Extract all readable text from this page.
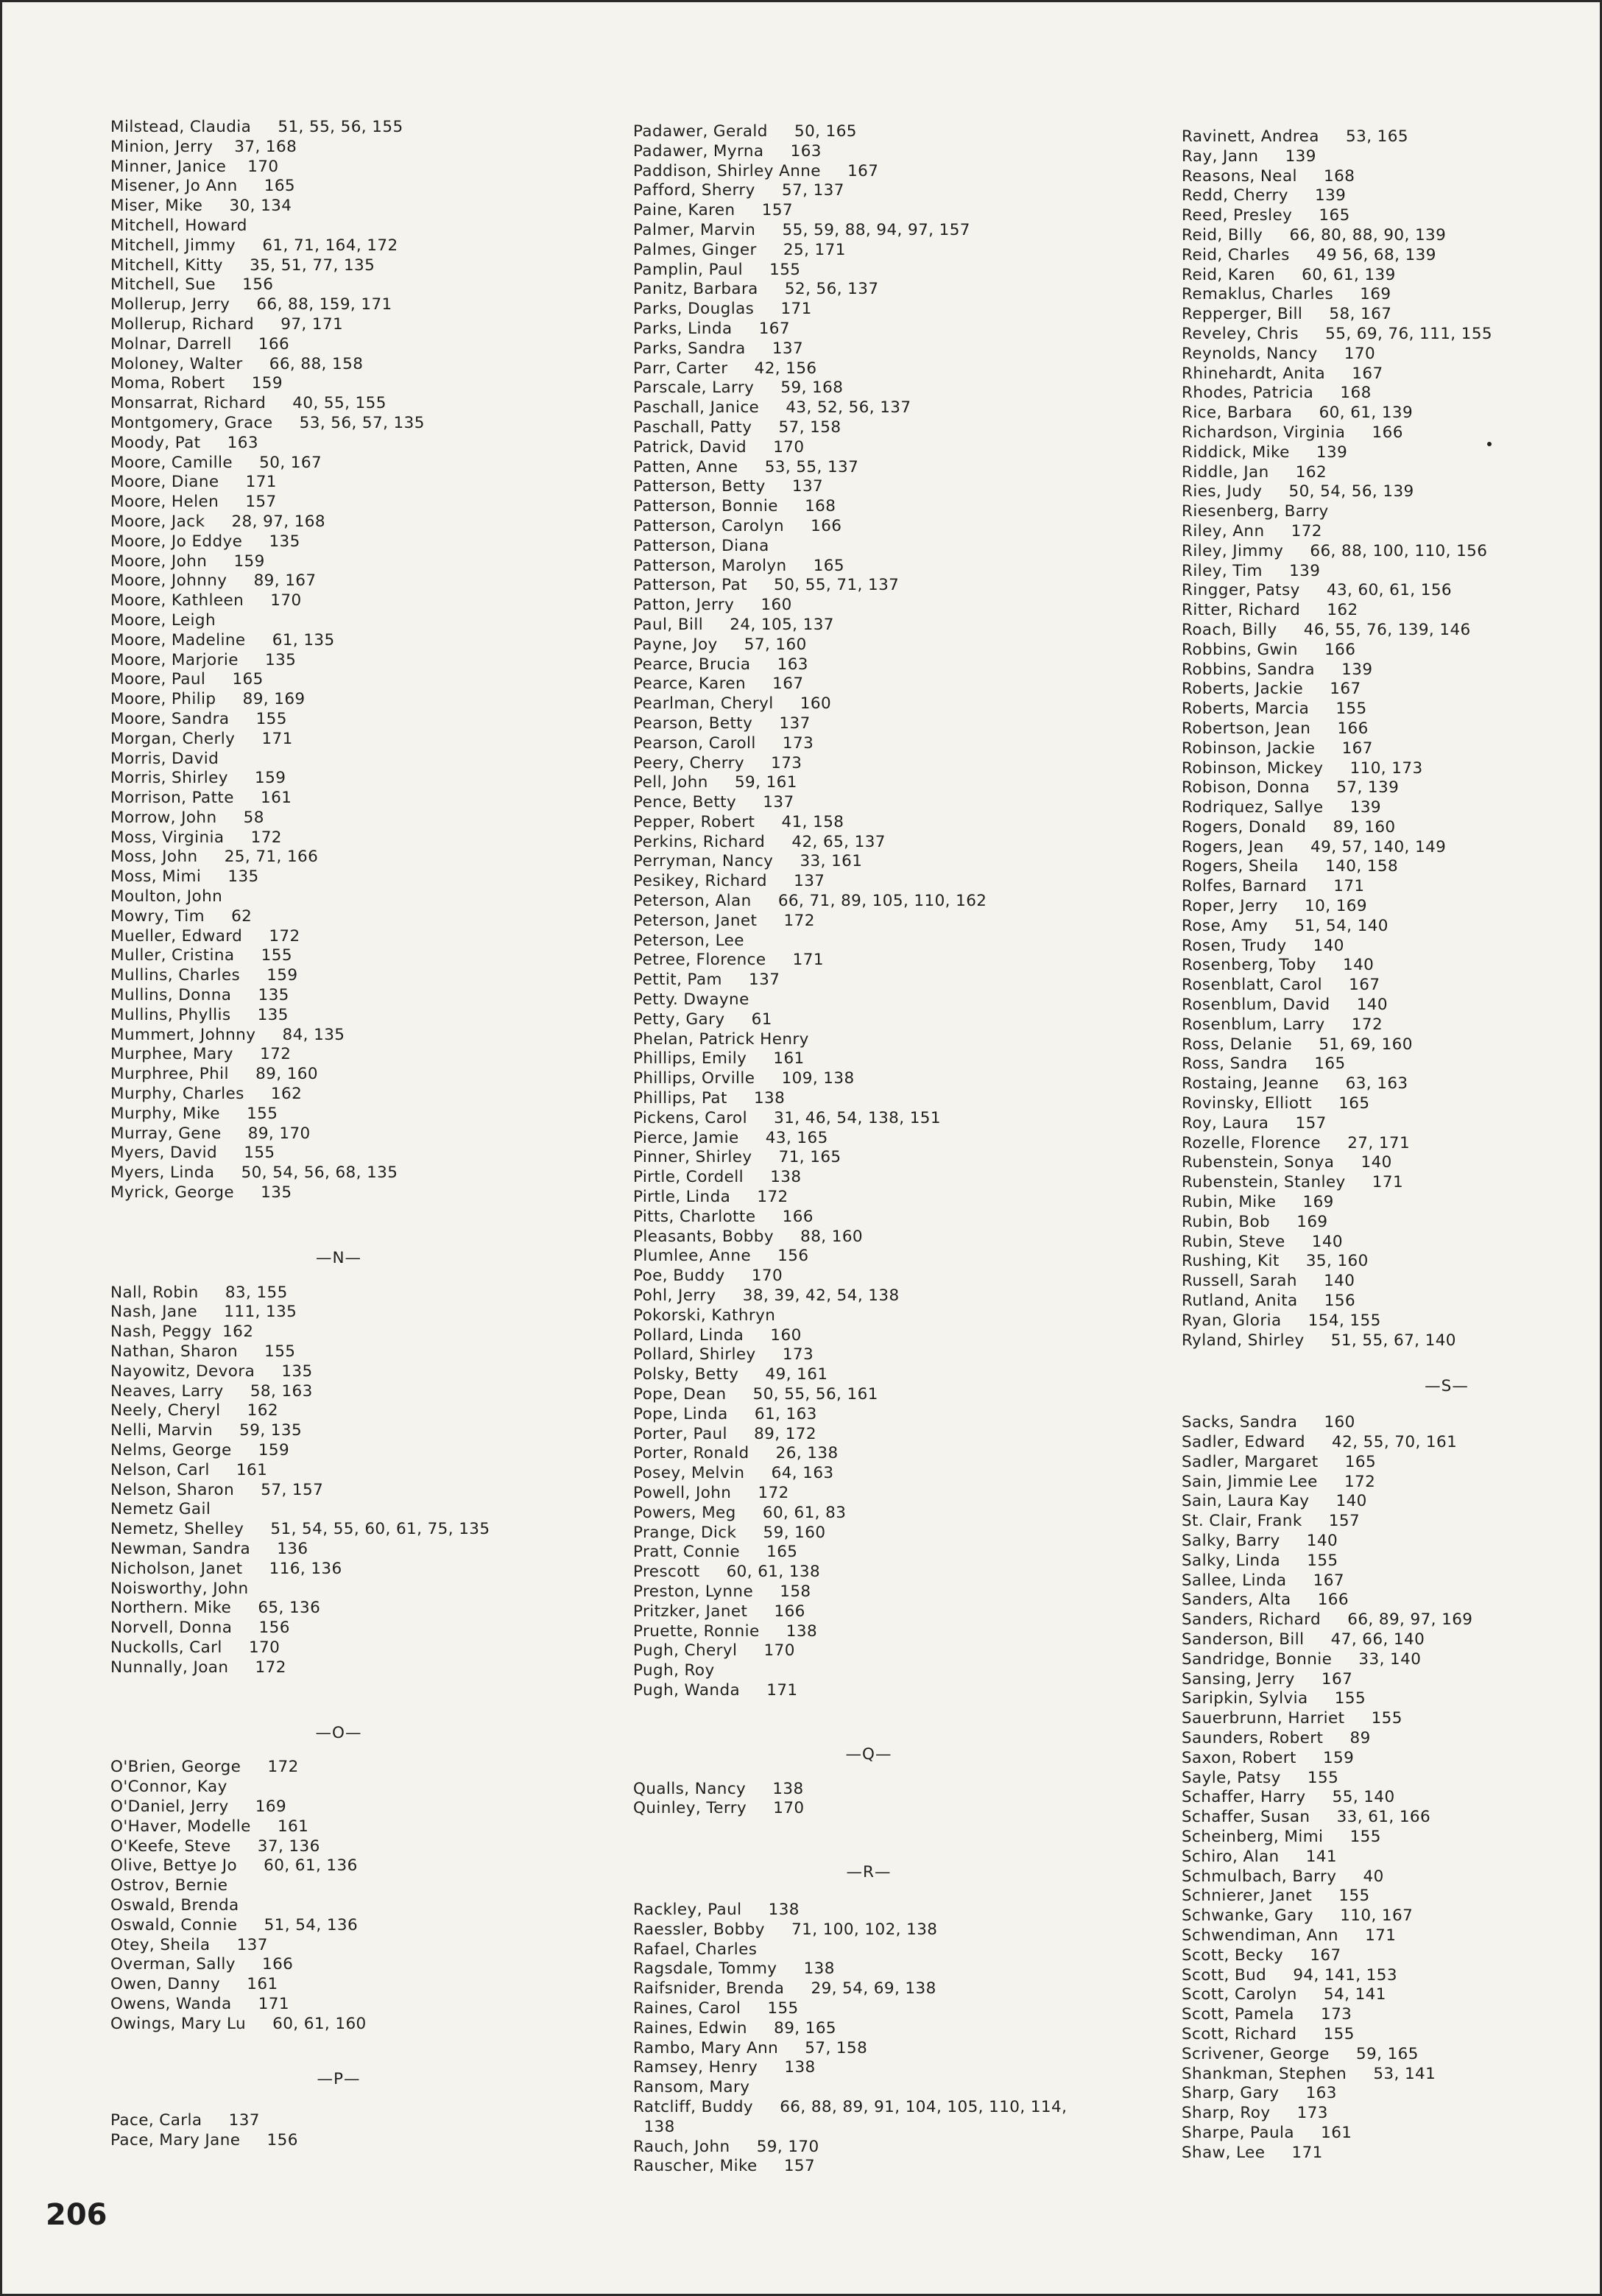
Milstead, Claudia     51, 55, 56, 155
Minion, Jerry    37, 168
Minner, Janice    170
Misener, Jo Ann     165
Miser, Mike     30, 134
Mitchell, Howard
Mitchell, Jimmy     61, 71, 164, 172
Mitchell, Kitty     35, 51, 77, 135
Mitchell, Sue     156
Mollerup, Jerry     66, 88, 159, 171
Mollerup, Richard     97, 171
Molnar, Darrell     166
Moloney, Walter     66, 88, 158
Moma, Robert     159
Monsarrat, Richard     40, 55, 155
Montgomery, Grace     53, 56, 57, 135
Moody, Pat     163
Moore, Camille     50, 167
Moore, Diane     171
Moore, Helen     157
Moore, Jack     28, 97, 168
Moore, Jo Eddye     135
Moore, John     159
Moore, Johnny     89, 167
Moore, Kathleen     170
Moore, Leigh
Moore, Madeline     61, 135
Moore, Marjorie     135
Moore, Paul     165
Moore, Philip     89, 169
Moore, Sandra     155
Morgan, Cherly     171
Morris, David
Morris, Shirley     159
Morrison, Patte     161
Morrow, John     58
Moss, Virginia     172
Moss, John     25, 71, 166
Moss, Mimi     135
Moulton, John
Mowry, Tim     62
Mueller, Edward     172
Muller, Cristina     155
Mullins, Charles     159
Mullins, Donna     135
Mullins, Phyllis     135
Mummert, Johnny     84, 135
Murphee, Mary     172
Murphree, Phil     89, 160
Murphy, Charles     162
Murphy, Mike     155
Murray, Gene     89, 170
Myers, David     155
Myers, Linda     50, 54, 56, 68, 135
Myrick, George     135
—N—
Nall, Robin     83, 155
Nash, Jane     111, 135
Nash, Peggy  162
Nathan, Sharon     155
Nayowitz, Devora     135
Neaves, Larry     58, 163
Neely, Cheryl     162
Nelli, Marvin     59, 135
Nelms, George     159
Nelson, Carl     161
Nelson, Sharon     57, 157
Nemetz Gail
Nemetz, Shelley     51, 54, 55, 60, 61, 75, 135
Newman, Sandra     136
Nicholson, Janet     116, 136
Noisworthy, John
Northern. Mike     65, 136
Norvell, Donna     156
Nuckolls, Carl     170
Nunnally, Joan     172
—O—
O'Brien, George     172
O'Connor, Kay
O'Daniel, Jerry     169
O'Haver, Modelle     161
O'Keefe, Steve     37, 136
Olive, Bettye Jo     60, 61, 136
Ostrov, Bernie
Oswald, Brenda
Oswald, Connie     51, 54, 136
Otey, Sheila     137
Overman, Sally     166
Owen, Danny     161
Owens, Wanda     171
Owings, Mary Lu     60, 61, 160
—P—
Pace, Carla     137
Pace, Mary Jane     156
Padawer, Gerald     50, 165
Padawer, Myrna     163
Paddison, Shirley Anne     167
Pafford, Sherry     57, 137
Paine, Karen     157
Palmer, Marvin     55, 59, 88, 94, 97, 157
Palmes, Ginger     25, 171
Pamplin, Paul     155
Panitz, Barbara     52, 56, 137
Parks, Douglas     171
Parks, Linda     167
Parks, Sandra     137
Parr, Carter     42, 156
Parscale, Larry     59, 168
Paschall, Janice     43, 52, 56, 137
Paschall, Patty     57, 158
Patrick, David     170
Patten, Anne     53, 55, 137
Patterson, Betty     137
Patterson, Bonnie     168
Patterson, Carolyn     166
Patterson, Diana
Patterson, Marolyn     165
Patterson, Pat     50, 55, 71, 137
Patton, Jerry     160
Paul, Bill     24, 105, 137
Payne, Joy     57, 160
Pearce, Brucia     163
Pearce, Karen     167
Pearlman, Cheryl     160
Pearson, Betty     137
Pearson, Caroll     173
Peery, Cherry     173
Pell, John     59, 161
Pence, Betty     137
Pepper, Robert     41, 158
Perkins, Richard     42, 65, 137
Perryman, Nancy     33, 161
Pesikey, Richard     137
Peterson, Alan     66, 71, 89, 105, 110, 162
Peterson, Janet     172
Peterson, Lee
Petree, Florence     171
Pettit, Pam     137
Petty. Dwayne
Petty, Gary     61
Phelan, Patrick Henry
Phillips, Emily     161
Phillips, Orville     109, 138
Phillips, Pat     138
Pickens, Carol     31, 46, 54, 138, 151
Pierce, Jamie     43, 165
Pinner, Shirley     71, 165
Pirtle, Cordell     138
Pirtle, Linda     172
Pitts, Charlotte     166
Pleasants, Bobby     88, 160
Plumlee, Anne     156
Poe, Buddy     170
Pohl, Jerry     38, 39, 42, 54, 138
Pokorski, Kathryn
Pollard, Linda     160
Pollard, Shirley     173
Polsky, Betty     49, 161
Pope, Dean     50, 55, 56, 161
Pope, Linda     61, 163
Porter, Paul     89, 172
Porter, Ronald     26, 138
Posey, Melvin     64, 163
Powell, John     172
Powers, Meg     60, 61, 83
Prange, Dick     59, 160
Pratt, Connie     165
Prescott     60, 61, 138
Preston, Lynne     158
Pritzker, Janet     166
Pruette, Ronnie     138
Pugh, Cheryl     170
Pugh, Roy
Pugh, Wanda     171
—Q—
Qualls, Nancy     138
Quinley, Terry     170
—R—
Rackley, Paul     138
Raessler, Bobby     71, 100, 102, 138
Rafael, Charles
Ragsdale, Tommy     138
Raifsnider, Brenda     29, 54, 69, 138
Raines, Carol     155
Raines, Edwin     89, 165
Rambo, Mary Ann     57, 158
Ramsey, Henry     138
Ransom, Mary
Ratcliff, Buddy     66, 88, 89, 91, 104, 105, 110, 114,
138
Rauch, John     59, 170
Rauscher, Mike     157
Ravinett, Andrea     53, 165
Ray, Jann     139
Reasons, Neal     168
Redd, Cherry     139
Reed, Presley     165
Reid, Billy     66, 80, 88, 90, 139
Reid, Charles     49 56, 68, 139
Reid, Karen     60, 61, 139
Remaklus, Charles     169
Repperger, Bill     58, 167
Reveley, Chris     55, 69, 76, 111, 155
Reynolds, Nancy     170
Rhinehardt, Anita     167
Rhodes, Patricia     168
Rice, Barbara     60, 61, 139
Richardson, Virginia     166
Riddick, Mike     139
Riddle, Jan     162
Ries, Judy     50, 54, 56, 139
Riesenberg, Barry
Riley, Ann     172
Riley, Jimmy     66, 88, 100, 110, 156
Riley, Tim     139
Ringger, Patsy     43, 60, 61, 156
Ritter, Richard     162
Roach, Billy     46, 55, 76, 139, 146
Robbins, Gwin     166
Robbins, Sandra     139
Roberts, Jackie     167
Roberts, Marcia     155
Robertson, Jean     166
Robinson, Jackie     167
Robinson, Mickey     110, 173
Robison, Donna     57, 139
Rodriquez, Sallye     139
Rogers, Donald     89, 160
Rogers, Jean     49, 57, 140, 149
Rogers, Sheila     140, 158
Rolfes, Barnard     171
Roper, Jerry     10, 169
Rose, Amy     51, 54, 140
Rosen, Trudy     140
Rosenberg, Toby     140
Rosenblatt, Carol     167
Rosenblum, David     140
Rosenblum, Larry     172
Ross, Delanie     51, 69, 160
Ross, Sandra     165
Rostaing, Jeanne     63, 163
Rovinsky, Elliott     165
Roy, Laura     157
Rozelle, Florence     27, 171
Rubenstein, Sonya     140
Rubenstein, Stanley     171
Rubin, Mike     169
Rubin, Bob     169
Rubin, Steve     140
Rushing, Kit     35, 160
Russell, Sarah     140
Rutland, Anita     156
Ryan, Gloria     154, 155
Ryland, Shirley     51, 55, 67, 140
—S—
Sacks, Sandra     160
Sadler, Edward     42, 55, 70, 161
Sadler, Margaret     165
Sain, Jimmie Lee     172
Sain, Laura Kay     140
St. Clair, Frank     157
Salky, Barry     140
Salky, Linda     155
Sallee, Linda     167
Sanders, Alta     166
Sanders, Richard     66, 89, 97, 169
Sanderson, Bill     47, 66, 140
Sandridge, Bonnie     33, 140
Sansing, Jerry     167
Saripkin, Sylvia     155
Sauerbrunn, Harriet     155
Saunders, Robert     89
Saxon, Robert     159
Sayle, Patsy     155
Schaffer, Harry     55, 140
Schaffer, Susan     33, 61, 166
Scheinberg, Mimi     155
Schiro, Alan     141
Schmulbach, Barry     40
Schnierer, Janet     155
Schwanke, Gary     110, 167
Schwendiman, Ann     171
Scott, Becky     167
Scott, Bud     94, 141, 153
Scott, Carolyn     54, 141
Scott, Pamela     173
Scott, Richard     155
Scrivener, George     59, 165
Shankman, Stephen     53, 141
Sharp, Gary     163
Sharp, Roy     173
Sharpe, Paula     161
Shaw, Lee     171
206
